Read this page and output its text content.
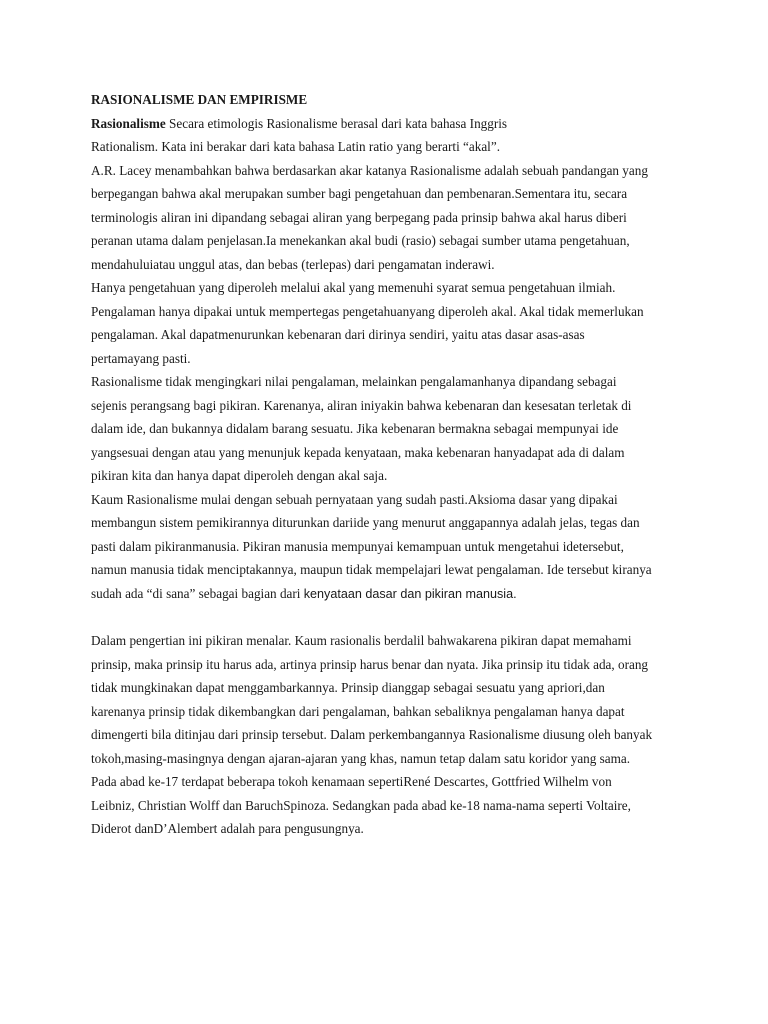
RASIONALISME DAN EMPIRISME
Rasionalisme Secara etimologis Rasionalisme berasal dari kata bahasa Inggris
Rationalism. Kata ini berakar dari kata bahasa Latin ratio yang berarti “akal”.
A.R. Lacey menambahkan bahwa berdasarkan akar katanya Rasionalisme adalah sebuah pandangan yang
berpegangan bahwa akal merupakan sumber bagi pengetahuan dan pembenaran.Sementara itu, secara
terminologis aliran ini dipandang sebagai aliran yang berpegang pada prinsip bahwa akal harus diberi
peranan utama dalam penjelasan.Ia menekankan akal budi (rasio) sebagai sumber utama pengetahuan,
mendahuluiatau unggul atas, dan bebas (terlepas) dari pengamatan inderawi.
Hanya pengetahuan yang diperoleh melalui akal yang memenuhi syarat semua pengetahuan ilmiah.
Pengalaman hanya dipakai untuk mempertegas pengetahuanyang diperoleh akal. Akal tidak memerlukan
pengalaman. Akal dapatmenurunkan kebenaran dari dirinya sendiri, yaitu atas dasar asas-asas
pertamayang pasti.
Rasionalisme tidak mengingkari nilai pengalaman, melainkan pengalamanhanya dipandang sebagai
sejenis perangsang bagi pikiran. Karenanya, aliran iniyakin bahwa kebenaran dan kesesatan terletak di
dalam ide, dan bukannya didalam barang sesuatu. Jika kebenaran bermakna sebagai mempunyai ide
yangsesuai dengan atau yang menunjuk kepada kenyataan, maka kebenaran hanyadapat ada di dalam
pikiran kita dan hanya dapat diperoleh dengan akal saja.
Kaum Rasionalisme mulai dengan sebuah pernyataan yang sudah pasti.Aksioma dasar yang dipakai
membangun sistem pemikirannya diturunkan dariide yang menurut anggapannya adalah jelas, tegas dan
pasti dalam pikiranmanusia. Pikiran manusia mempunyai kemampuan untuk mengetahui idetersebut,
namun manusia tidak menciptakannya, maupun tidak mempelajari lewat pengalaman. Ide tersebut kiranya
sudah ada “di sana” sebagai bagian dari kenyataan dasar dan pikiran manusia.
Dalam pengertian ini pikiran menalar. Kaum rasionalis berdalil bahwakarena pikiran dapat memahami
prinsip, maka prinsip itu harus ada, artinya prinsip harus benar dan nyata. Jika prinsip itu tidak ada, orang
tidak mungkinakan dapat menggambarkannya. Prinsip dianggap sebagai sesuatu yang apriori,dan
karenanya prinsip tidak dikembangkan dari pengalaman, bahkan sebaliknya pengalaman hanya dapat
dimengerti bila ditinjau dari prinsip tersebut. Dalam perkembangannya Rasionalisme diusung oleh banyak
tokoh,masing-masingnya dengan ajaran-ajaran yang khas, namun tetap dalam satu koridor yang sama.
Pada abad ke-17 terdapat beberapa tokoh kenamaan sepertiRené Descartes, Gottfried Wilhelm von
Leibniz, Christian Wolff dan BaruchSpinoza. Sedangkan pada abad ke-18 nama-nama seperti Voltaire,
Diderot danD’Alembert adalah para pengusungnya.
